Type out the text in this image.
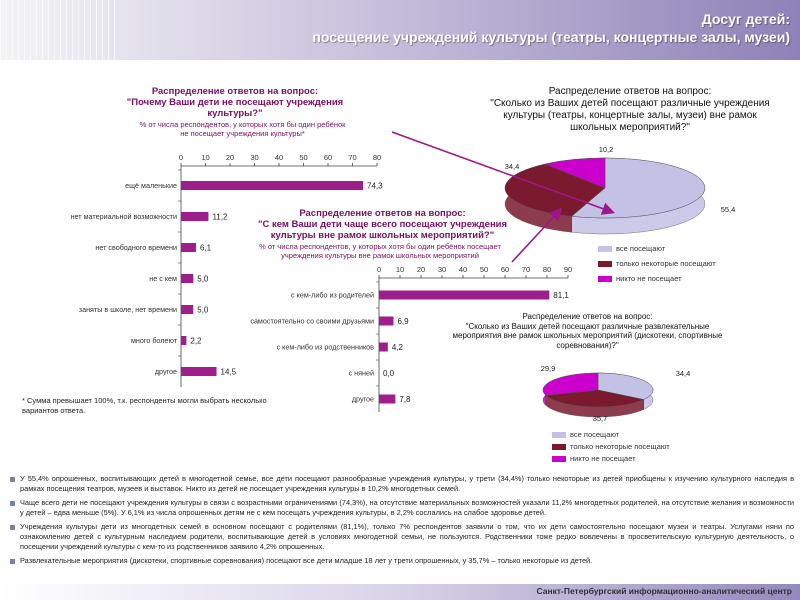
Досуг детей:
посещение учреждений культуры (театры, концертные залы, музеи)
Распределение ответов на вопрос:
"Почему Ваши дети не посещают учреждения культуры?"
% от числа респондентов, у которых хотя бы один ребёнок
не посещает учреждения культуры*
Распределение ответов на вопрос:
"Сколько из Ваших детей посещают различные учреждения культуры (театры, концертные залы, музеи) вне рамок школьных мероприятий?"
Распределение ответов на вопрос:
"С кем Ваши дети чаще всего посещают учреждения культуры вне рамок школьных мероприятий?"
% от числа респондентов, у которых хотя бы один ребёнок посещает
учреждения культуры вне рамок школьных мероприятий
Распределение ответов на вопрос:
"Сколько из Ваших детей посещают различные развлекательные мероприятия вне рамок школьных мероприятий (дискотеки, спортивные соревнования)?"
0 10 20 30 40 50 60 70 80
ещё маленькие	74,3
нет материальной возможности	11,2
нет свободного времени	6,1
не с кем	5,0
заняты в школе, нет времени	5,0
много болеют 2,2
другое	14,5
0 10 20 30 40 50 60 70 80 90
с кем-либо из родителей	81,1
самостоятельно со своими друзьями	6,9
с кем-либо из родственников 4,2
с няней 0,0
другое	7,8
55,4
34,4
10,2
34,4
35,7
29,9
все посещают
только некоторые посещают
никто не посещает
все посещают
только некоторые посещают
никто не посещает
* Сумма превышает 100%, т.к. респонденты могли выбрать несколько вариантов ответа.
У 55,4% опрошенных, воспитывающих детей в многодетной семье, все дети посещают разнообразные учреждения культуры, у трети (34,4%) только некоторые из детей приобщены к изучению культурного наследия в рамках посещения театров, музеев и выставок. Никто из детей не посещает учреждения культуры в 10,2% многодетных семей.
Чаще всего дети не посещают учреждения культуры в связи с возрастными ограничениями (74,3%), на отсутствие материальных возможностей указали 11,2% многодетных родителей, на отсутствие желания и возможности у детей – едва меньше (5%). У 6,1% из числа опрошенных детям не с кем посещать учреждения культуры, в 2,2% сослались на слабое здоровье детей.
Учреждения культуры дети из многодетных семей в основном посещают с родителями (81,1%), только 7% респондентов заявили о том, что их дети самостоятельно посещают музеи и театры. Услугами няни по ознакомлению детей с культурным наследием родители, воспитывающие детей в условиях многодетной семьи, не пользуются. Родственники тоже редко вовлечены в просветительскую культурную деятельность, о посещении учреждений культуры с кем-то из родственников заявило 4,2% опрошенных.
Развлекательные мероприятия (дискотеки, спортивные соревнования) посещают все дети младше 18 лет у трети опрошенных, у 35,7% – только некоторые из детей.
Санкт-Петербургский информационно-аналитический центр
